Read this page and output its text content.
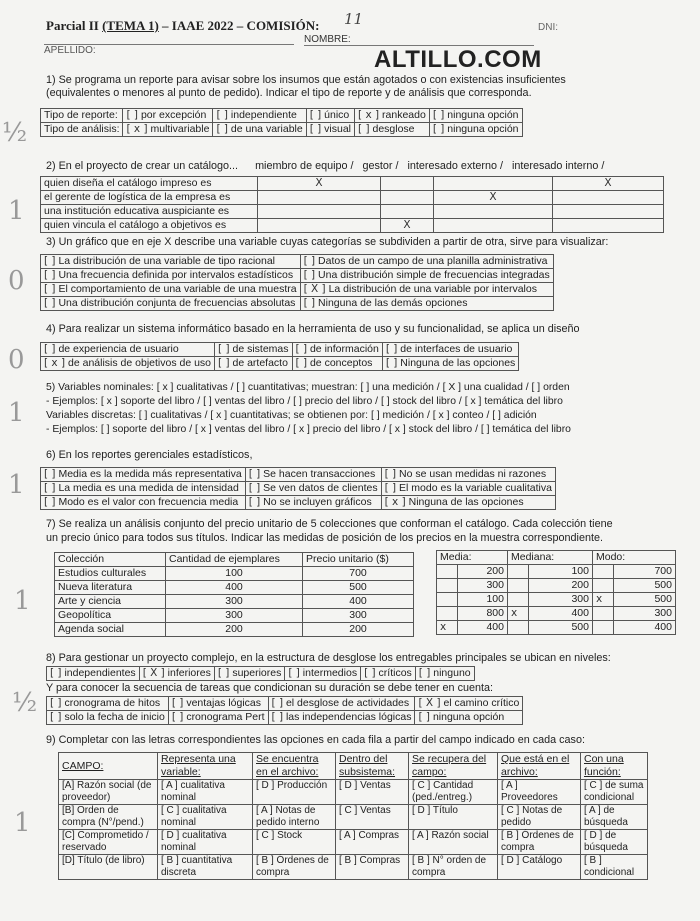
Parcial II (TEMA 1) – IAAE 2022 – COMISIÓN: 11	DNI:
APELLIDO:
NOMBRE:
ALTILLO.COM
½
1
0
0
1
1
1
½
1
1) Se programa un reporte para avisar sobre los insumos que están agotados o con existencias insuficientes
(equivalentes o menores al punto de pedido). Indicar el tipo de reporte y de análisis que corresponda.
Tipo de reporte:	[ ] por excepción	[ ] independiente	[ ] único	[ x ] rankeado	[ ] ninguna opción
Tipo de análisis:	[ x ] multivariable	[ ] de una variable	[ ] visual	[ ] desglose	[ ] ninguna opción
2) En el proyecto de crear un catálogo... miembro de equipo / gestor / interesado externo / interesado interno /
quien diseña el catálogo impreso es	X			X
el gerente de logística de la empresa es			X	
una institución educativa auspiciante es				
quien vincula el catálogo a objetivos es		X		
3) Un gráfico que en eje X describe una variable cuyas categorías se subdividen a partir de otra, sirve para visualizar:
[ ] La distribución de una variable de tipo racional	[ ] Datos de un campo de una planilla administrativa
[ ] Una frecuencia definida por intervalos estadísticos	[ ] Una distribución simple de frecuencias integradas
[ ] El comportamiento de una variable de una muestra	[ X ] La distribución de una variable por intervalos
[ ] Una distribución conjunta de frecuencias absolutas	[ ] Ninguna de las demás opciones
4) Para realizar un sistema informático basado en la herramienta de uso y su funcionalidad, se aplica un diseño
[ ] de experiencia de usuario	[ ] de sistemas	[ ] de información	[ ] de interfaces de usuario
[ x ] de análisis de objetivos de uso	[ ] de artefacto	[ ] de conceptos	[ ] Ninguna de las opciones
5) Variables nominales: [ x ] cualitativas / [ ] cuantitativas; muestran: [ ] una medición / [ X ] una cualidad / [ ] orden
- Ejemplos: [ x ] soporte del libro / [ ] ventas del libro / [ ] precio del libro / [ ] stock del libro / [ x ] temática del libro
Variables discretas: [ ] cualitativas / [ x ] cuantitativas; se obtienen por: [ ] medición / [ x ] conteo / [ ] adición
- Ejemplos: [ ] soporte del libro / [ x ] ventas del libro / [ x ] precio del libro / [ x ] stock del libro / [ ] temática del libro
6) En los reportes gerenciales estadísticos,
[ ] Media es la medida más representativa	[ ] Se hacen transacciones	[ ] No se usan medidas ni razones
[ ] La media es una medida de intensidad	[ ] Se ven datos de clientes	[ ] El modo es la variable cualitativa
[ ] Modo es el valor con frecuencia media	[ ] No se incluyen gráficos	[ x ] Ninguna de las opciones
7) Se realiza un análisis conjunto del precio unitario de 5 colecciones que conforman el catálogo. Cada colección tiene
un precio único para todos sus títulos. Indicar las medidas de posición de los precios en la muestra correspondiente.
Colección	Cantidad de ejemplares	Precio unitario ($)
Estudios culturales	100	700
Nueva literatura	400	500
Arte y ciencia	300	400
Geopolítica	300	300
Agenda social	200	200
Media:		Mediana:		Modo:	
	200		100		700
	300		200		500
	100		300	x	500
	800	x	400		300
x	400		500		400
8) Para gestionar un proyecto complejo, en la estructura de desglose los entregables principales se ubican en niveles:
[ ] independientes	[ X ] inferiores	[ ] superiores	[ ] intermedios	[ ] críticos	[ ] ninguno
Y para conocer la secuencia de tareas que condicionan su duración se debe tener en cuenta:
[ ] cronograma de hitos	[ ] ventajas lógicas	[ ] el desglose de actividades	[ X ] el camino crítico
[ ] solo la fecha de inicio	[ ] cronograma Pert	[ ] las independencias lógicas	[ ] ninguna opción
9) Completar con las letras correspondientes las opciones en cada fila a partir del campo indicado en cada caso:
CAMPO:	Representa una variable:	Se encuentra en el archivo:	Dentro del subsistema:	Se recupera del campo:	Que está en el archivo:	Con una función:
[A] Razón social (de proveedor)	[ A ] cualitativa nominal	[ D ] Producción	[ D ] Ventas	[ C ] Cantidad (ped./entreg.)	[ A ] Proveedores	[ C ] de suma condicional
[B] Orden de compra (N°/pend.)	[ C ] cualitativa nominal	[ A ] Notas de pedido interno	[ C ] Ventas	[ D ] Título	[ C ] Notas de pedido	[ A ] de búsqueda
[C] Comprometido / reservado	[ D ] cualitativa nominal	[ C ] Stock	[ A ] Compras	[ A ] Razón social	[ B ] Órdenes de compra	[ D ] de búsqueda
[D] Título (de libro)	[ B ] cuantitativa discreta	[ B ] Órdenes de compra	[ B ] Compras	[ B ] N° orden de compra	[ D ] Catálogo	[ B ] condicional
